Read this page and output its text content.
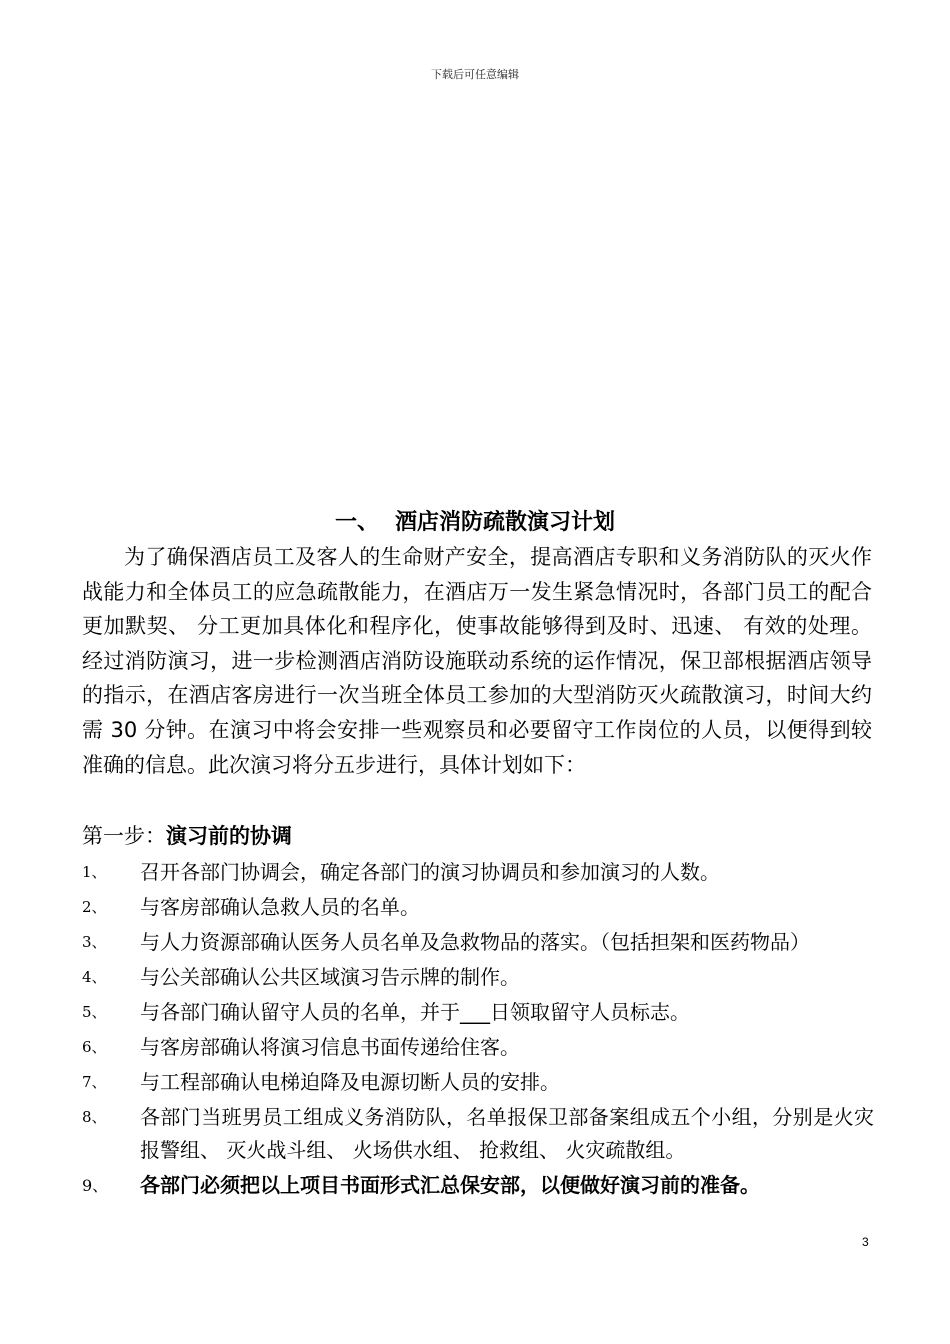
下载后可任意编辑
一、 酒店消防疏散演习计划

为了确保酒店员工及客人的生命财产安全，提高酒店专职和义务消防队的灭火作战能力和全体员工的应急疏散能力，在酒店万一发生紧急情况时，各部门员工的配合更加默契、 分工更加具体化和程序化，使事故能够得到及时、迅速、 有效的处理。经过消防演习，进一步检测酒店消防设施联动系统的运作情况，保卫部根据酒店领导的指示，在酒店客房进行一次当班全体员工参加的大型消防灭火疏散演习，时间大约需 30 分钟。在演习中将会安排一些观察员和必要留守工作岗位的人员，以便得到较准确的信息。此次演习将分五步进行，具体计划如下：

第一步：演习前的协调
1、	召开各部门协调会，确定各部门的演习协调员和参加演习的人数。
2、	与客房部确认急救人员的名单。
3、	与人力资源部确认医务人员名单及急救物品的落实。（包括担架和医药物品）
4、	与公关部确认公共区域演习告示牌的制作。
5、	与各部门确认留守人员的名单，并于___日领取留守人员标志。
6、	与客房部确认将演习信息书面传递给住客。
7、	与工程部确认电梯迫降及电源切断人员的安排。
8、	各部门当班男员工组成义务消防队，名单报保卫部备案组成五个小组，分别是火灾报警组、 灭火战斗组、 火场供水组、 抢救组、 火灾疏散组。
9、	各部门必须把以上项目书面形式汇总保安部，以便做好演习前的准备。
3
